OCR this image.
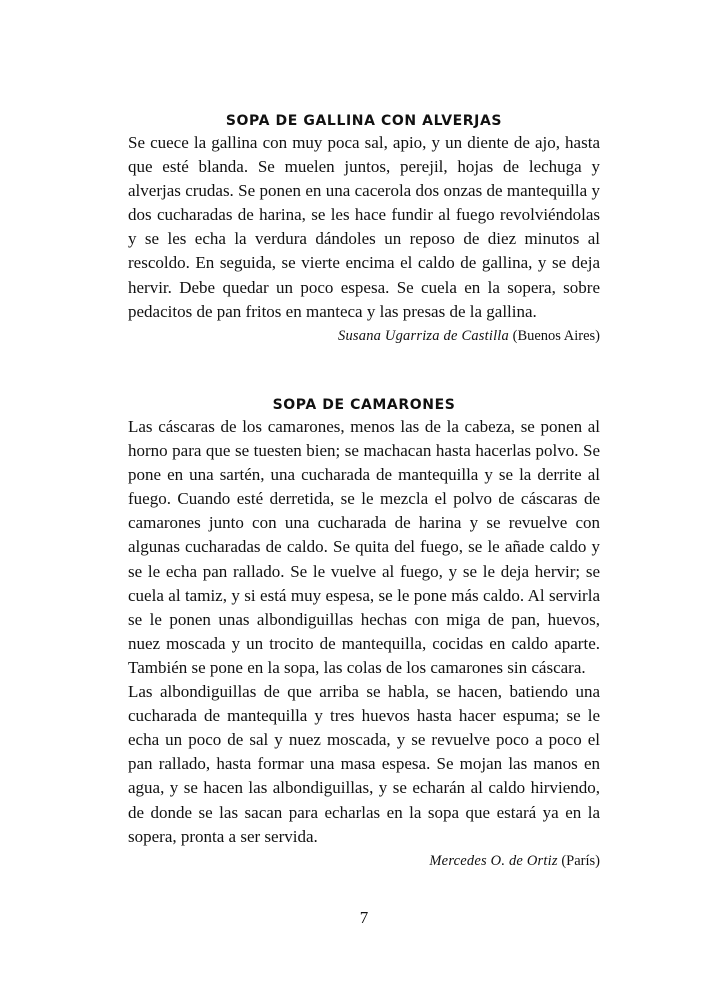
SOPA DE GALLINA CON ALVERJAS

Se cuece la gallina con muy poca sal, apio, y un diente de ajo, hasta que esté blanda. Se muelen juntos, perejil, hojas de lechuga y alverjas crudas. Se ponen en una cacerola dos onzas de mantequilla y dos cucharadas de harina, se les hace fundir al fuego revolviéndolas y se les echa la verdura dándoles un reposo de diez minutos al rescoldo. En seguida, se vierte encima el caldo de gallina, y se deja hervir. Debe quedar un poco espesa. Se cuela en la sopera, sobre pedacitos de pan fritos en manteca y las presas de la gallina.

Susana Ugarriza de Castilla (Buenos Aires)

SOPA DE CAMARONES

Las cáscaras de los camarones, menos las de la cabeza, se ponen al horno para que se tuesten bien; se machacan hasta hacerlas polvo. Se pone en una sartén, una cucharada de mantequilla y se la derrite al fuego. Cuando esté derretida, se le mezcla el polvo de cáscaras de camarones junto con una cucharada de harina y se revuelve con algunas cucharadas de caldo. Se quita del fuego, se le añade caldo y se le echa pan rallado. Se le vuelve al fuego, y se le deja hervir; se cuela al tamiz, y si está muy espesa, se le pone más caldo. Al servirla se le ponen unas albondiguillas hechas con miga de pan, huevos, nuez moscada y un trocito de mantequilla, cocidas en caldo aparte. También se pone en la sopa, las colas de los camarones sin cáscara.

Las albondiguillas de que arriba se habla, se hacen, batiendo una cucharada de mantequilla y tres huevos hasta hacer espuma; se le echa un poco de sal y nuez moscada, y se revuelve poco a poco el pan rallado, hasta formar una masa espesa. Se mojan las manos en agua, y se hacen las albondiguillas, y se echarán al caldo hirviendo, de donde se las sacan para echarlas en la sopa que estará ya en la sopera, pronta a ser servida.

Mercedes O. de Ortiz (París)

7
